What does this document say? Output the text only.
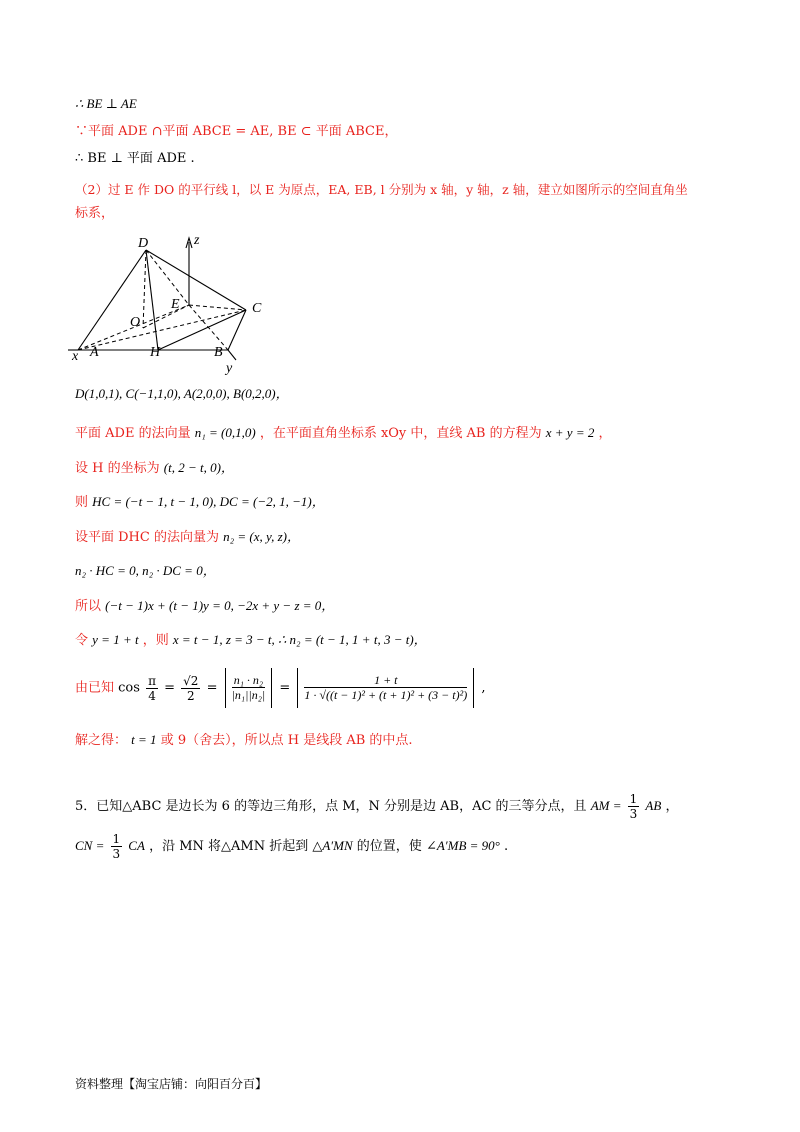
∴ BE ⊥ AE
∵平面 ADE ∩平面 ABCE = AE, BE ⊂ 平面 ABCE，
∴ BE ⊥ 平面 ADE .
（2）过 E 作 DO 的平行线 l，以 E 为原点，EA, EB, l 分别为 x 轴，y 轴，z 轴，建立如图所示的空间直角坐
标系，
D
C
E
O
A	H	B
x
y
z
D(1,0,1), C(−1,1,0), A(2,0,0), B(0,2,0)，
平面 ADE 的法向量 n₁ = (0,1,0) ，在平面直角坐标系 xOy 中，直线 AB 的方程为 x + y = 2 ，
设 H 的坐标为 (t, 2 − t, 0)，
则 HC = (−t − 1, t − 1, 0), DC = (−2, 1, −1)，
设平面 DHC 的法向量为 n₂ = (x, y, z)，
n₂ · HC = 0, n₂ · DC = 0，
所以 (−t − 1)x + (t − 1)y = 0, −2x + y − z = 0，
令 y = 1 + t ，则 x = t − 1, z = 3 − t, ∴ n₂ = (t − 1, 1 + t, 3 − t)，
由已知 $\cos \frac{\pi}{4} = \frac{√2}{2} = \frac{\text{n₁ · n₂}}{\text{|n₁||n₂|}} = \frac{1 + t}{\text{1 · √((t − 1)² + (t + 1)² + (3 − t)²)}}$ ,
解之得： t = 1 或 9（舍去），所以点 H 是线段 AB 的中点.
5．已知△ABC 是边长为 6 的等边三角形，点 M，N 分别是边 AB，AC 的三等分点，且 AM = $\frac{1}{3}$ AB ，
CN = $\frac{1}{3}$ CA ，沿 MN 将△AMN 折起到 △A′MN 的位置，使 ∠A′MB = 90° .
资料整理【淘宝店铺：向阳百分百】
